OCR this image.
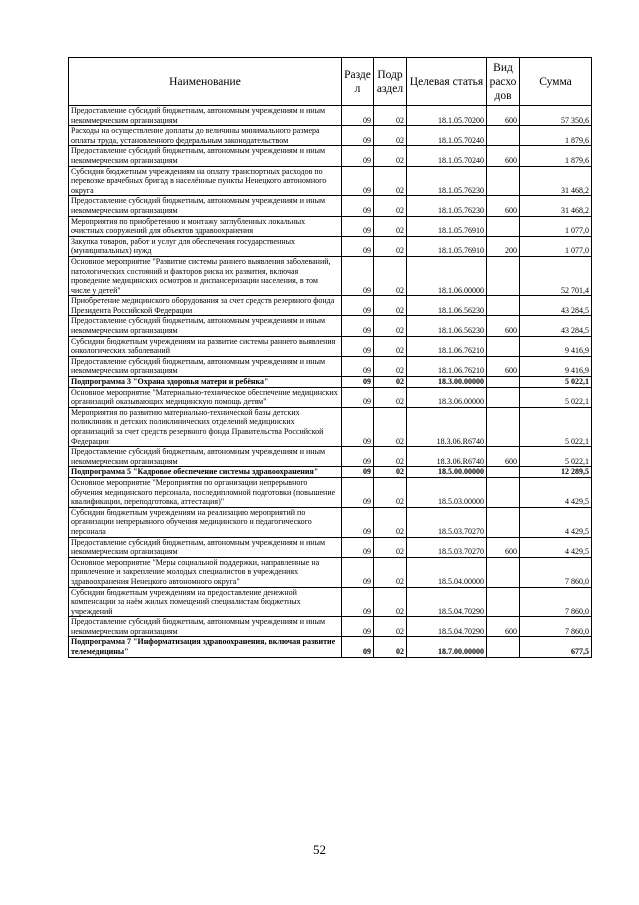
Наименование	Разде л	Подр аздел	Целевая статья	Вид расхо дов	Сумма
Предоставление субсидий бюджетным, автономным учреждениям и иным некоммерческим организациям	09	02	18.1.05.70200	600	57 350,6
Расходы на осуществление доплаты до величины минимального размера оплаты труда, установленного федеральным законодательством	09	02	18.1.05.70240		1 879,6
Предоставление субсидий бюджетным, автономным учреждениям и иным некоммерческим организациям	09	02	18.1.05.70240	600	1 879,6
Субсидия бюджетным учреждениям на оплату транспортных расходов по перевозке врачебных бригад в населённые пункты Ненецкого автономного округа	09	02	18.1.05.76230		31 468,2
Предоставление субсидий бюджетным, автономным учреждениям и иным некоммерческим организациям	09	02	18.1.05.76230	600	31 468,2
Мероприятия по приобретению и монтажу заглубленных локальных очистных сооружений для объектов здравоохранения	09	02	18.1.05.76910		1 077,0
Закупка товаров, работ и услуг для обеспечения государственных (муниципальных) нужд	09	02	18.1.05.76910	200	1 077,0
Основное мероприятие "Развитие системы раннего выявления заболеваний, патологических состояний и факторов риска их развития, включая проведение медицинских осмотров и диспансеризации населения, в том числе у детей"	09	02	18.1.06.00000		52 701,4
Приобретение медицинского оборудования за счет средств резервного фонда Президента Российской Федерации	09	02	18.1.06.56230		43 284,5
Предоставление субсидий бюджетным, автономным учреждениям и иным некоммерческим организациям	09	02	18.1.06.56230	600	43 284,5
Субсидии бюджетным учреждениям на развитие системы раннего выявления онкологических заболеваний	09	02	18.1.06.76210		9 416,9
Предоставление субсидий бюджетным, автономным учреждениям и иным некоммерческим организациям	09	02	18.1.06.76210	600	9 416,9
Подпрограмма 3 "Охрана здоровья матери и ребёнка"	09	02	18.3.00.00000		5 022,1
Основное мероприятие "Материально-техническое обеспечение медицинских организаций оказывающих медицинскую помощь детям"	09	02	18.3.06.00000		5 022,1
Мероприятия по развитию материально-технической базы детских поликлиник и детских поликлинических отделений медицинских организаций за счет средств резервного фонда Правительства Российской Федерации	09	02	18.3.06.R6740		5 022,1
Предоставление субсидий бюджетным, автономным учреждениям и иным некоммерческим организациям	09	02	18.3.06.R6740	600	5 022,1
Подпрограмма 5 "Кадровое обеспечение системы здравоохранения"	09	02	18.5.00.00000		12 289,5
Основное мероприятие "Мероприятия по организации непрерывного обучения медицинского персонала, последипломной подготовки (повышение квалификации, переподготовка, аттестация)"	09	02	18.5.03.00000		4 429,5
Субсидии бюджетным учреждениям на реализацию мероприятий по организации непрерывного обучения медицинского и педагогического персонала	09	02	18.5.03.70270		4 429,5
Предоставление субсидий бюджетным, автономным учреждениям и иным некоммерческим организациям	09	02	18.5.03.70270	600	4 429,5
Основное мероприятие "Меры социальной поддержки, направленные на привлечение и закрепление молодых специалистов в учреждениях здравоохранения Ненецкого автономного округа"	09	02	18.5.04.00000		7 860,0
Субсидии бюджетным учреждениям на предоставление денежной компенсации за наём жилых помещений специалистам бюджетных учреждений	09	02	18.5.04.70290		7 860,0
Предоставление субсидий бюджетным, автономным учреждениям и иным некоммерческим организациям	09	02	18.5.04.70290	600	7 860,0
Подпрограмма 7 "Информатизация здравоохранения, включая развитие телемедицины"	09	02	18.7.00.00000		677,5
52
